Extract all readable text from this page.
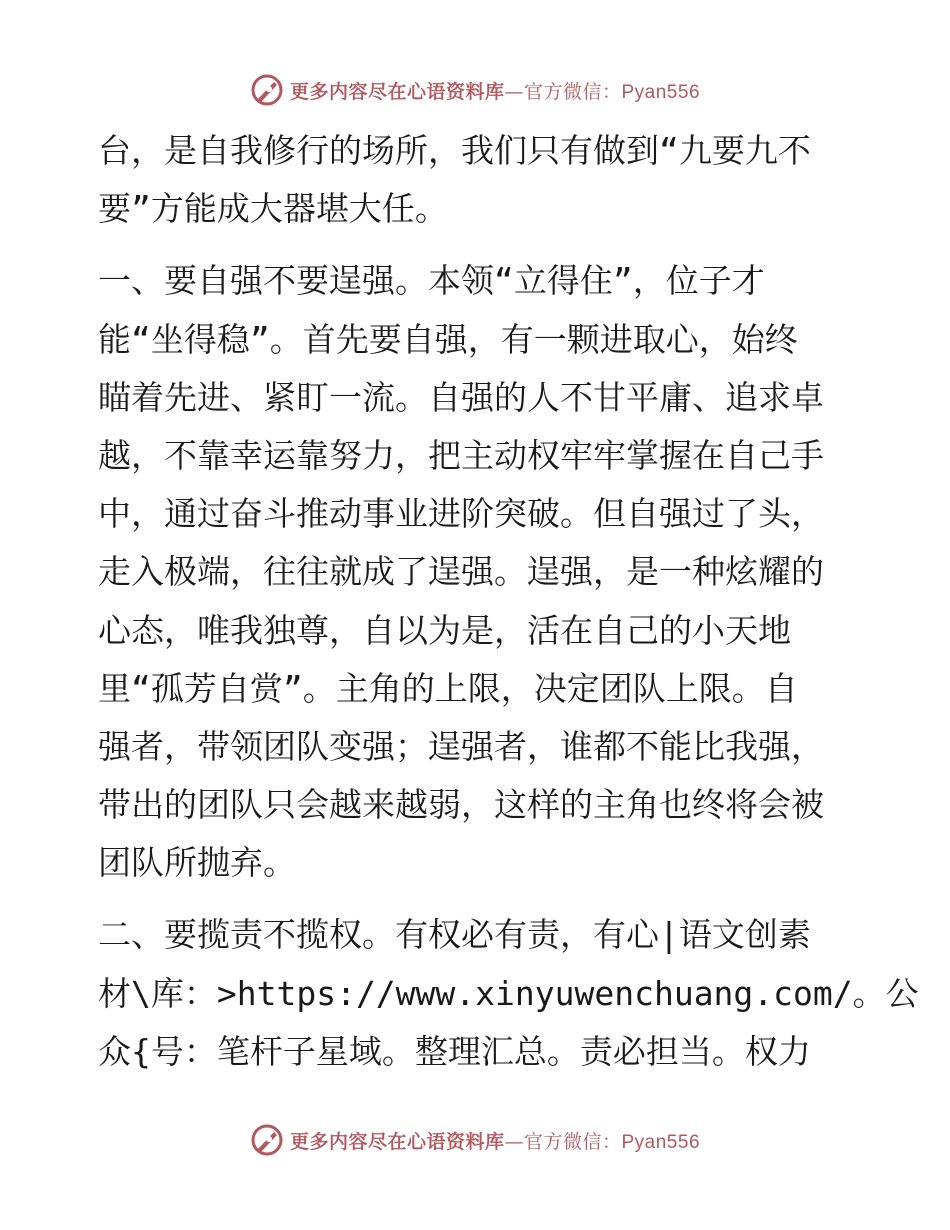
更多内容尽在心语资料库 —官方微信：Pyan556
台，是自我修行的场所，我们只有做到“九要九不
要”方能成大器堪大任。
一、要自强不要逞强。本领“立得住”，位子才
能“坐得稳”。首先要自强，有一颗进取心，始终
瞄着先进、紧盯一流。自强的人不甘平庸、追求卓
越，不靠幸运靠努力，把主动权牢牢掌握在自己手
中，通过奋斗推动事业进阶突破。但自强过了头，
走入极端，往往就成了逞强。逞强，是一种炫耀的
心态，唯我独尊，自以为是，活在自己的小天地
里“孤芳自赏”。主角的上限，决定团队上限。自
强者，带领团队变强；逞强者，谁都不能比我强，
带出的团队只会越来越弱，这样的主角也终将会被
团队所抛弃。
二、要揽责不揽权。有权必有责，有心|语文创素
材\库：>https://www.xinyuwenchuang.com/。公
众{号：笔杆子星域。整理汇总。责必担当。权力
更多内容尽在心语资料库 —官方微信：Pyan556
